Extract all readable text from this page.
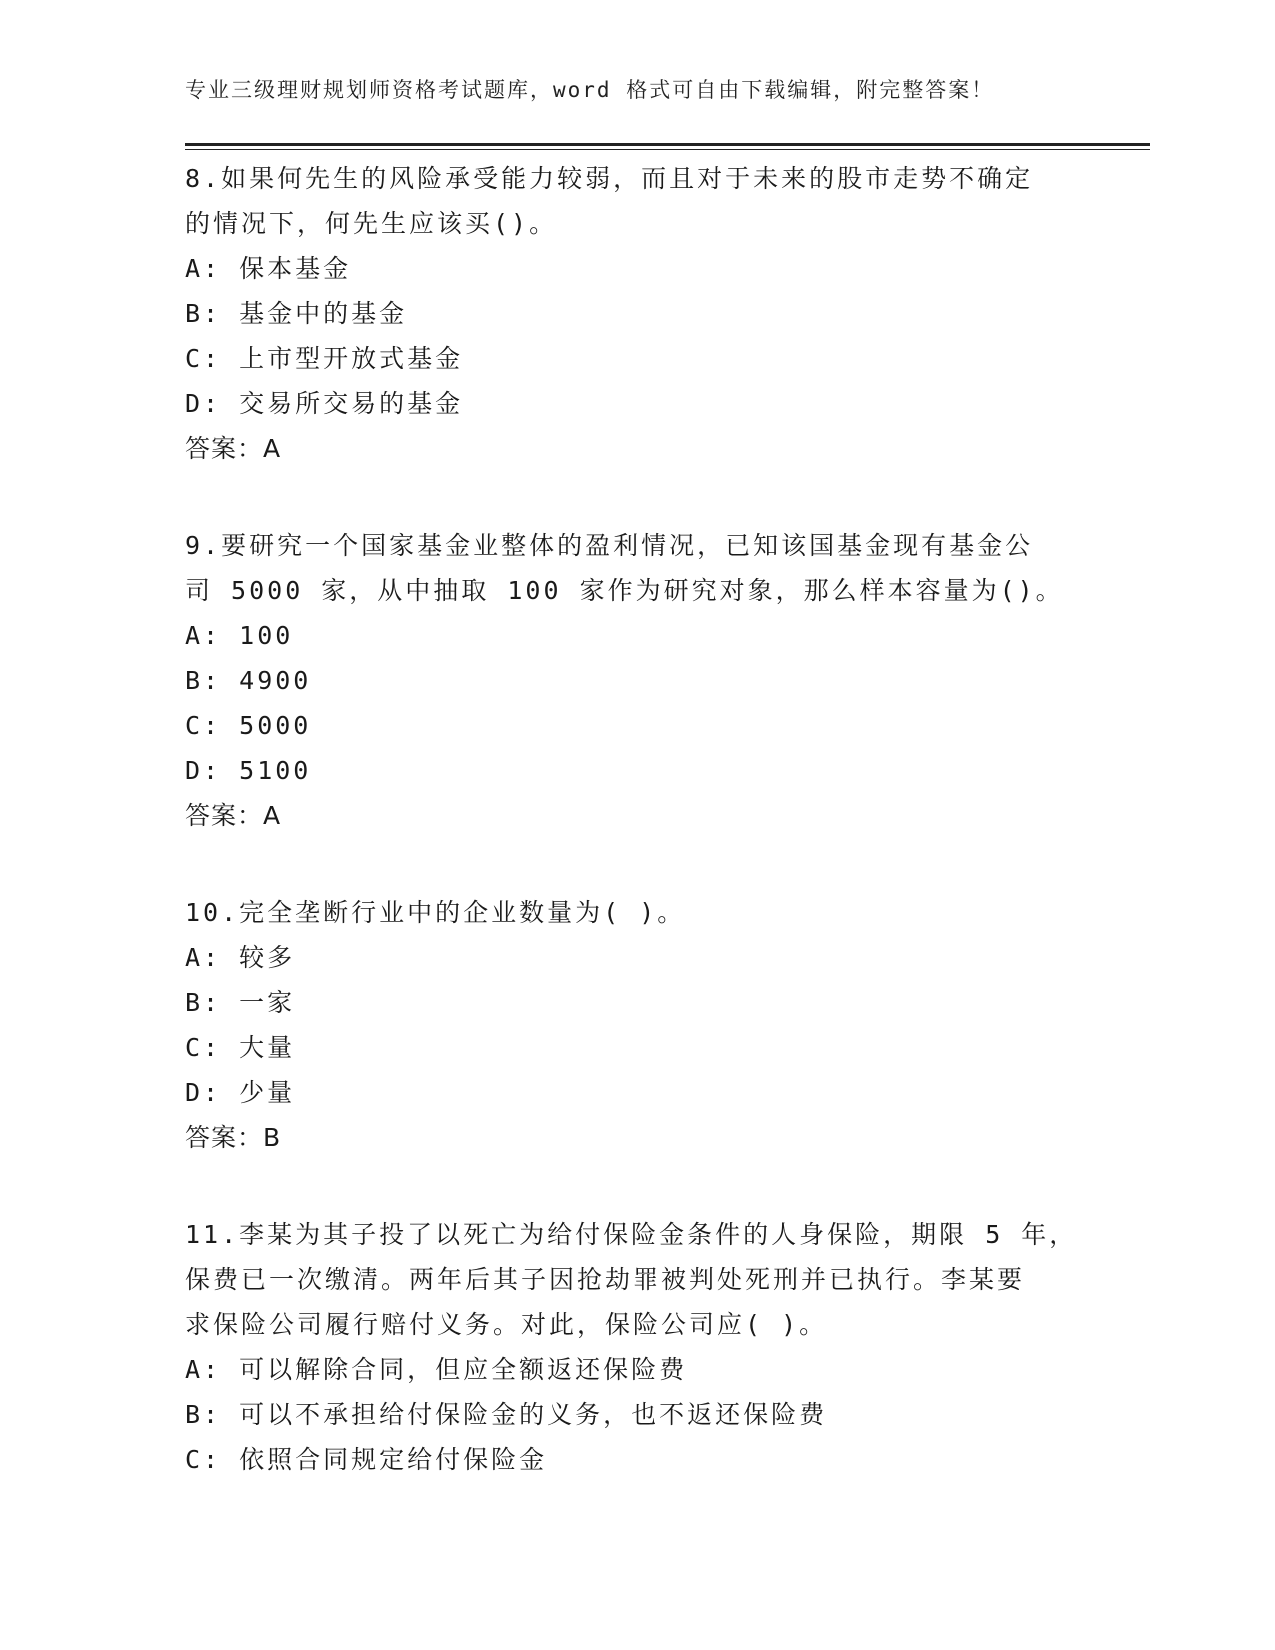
专业三级理财规划师资格考试题库，word 格式可自由下载编辑，附完整答案！
8.如果何先生的风险承受能力较弱，而且对于未来的股市走势不确定
的情况下，何先生应该买()。
A: 保本基金
B: 基金中的基金
C: 上市型开放式基金
D: 交易所交易的基金
答案：A
9.要研究一个国家基金业整体的盈利情况，已知该国基金现有基金公
司 5000 家，从中抽取 100 家作为研究对象，那么样本容量为()。
A: 100
B: 4900
C: 5000
D: 5100
答案：A
10.完全垄断行业中的企业数量为( )。
A: 较多
B: 一家
C: 大量
D: 少量
答案：B
11.李某为其子投了以死亡为给付保险金条件的人身保险，期限 5 年，
保费已一次缴清。两年后其子因抢劫罪被判处死刑并已执行。李某要
求保险公司履行赔付义务。对此，保险公司应( )。
A: 可以解除合同，但应全额返还保险费
B: 可以不承担给付保险金的义务，也不返还保险费
C: 依照合同规定给付保险金
